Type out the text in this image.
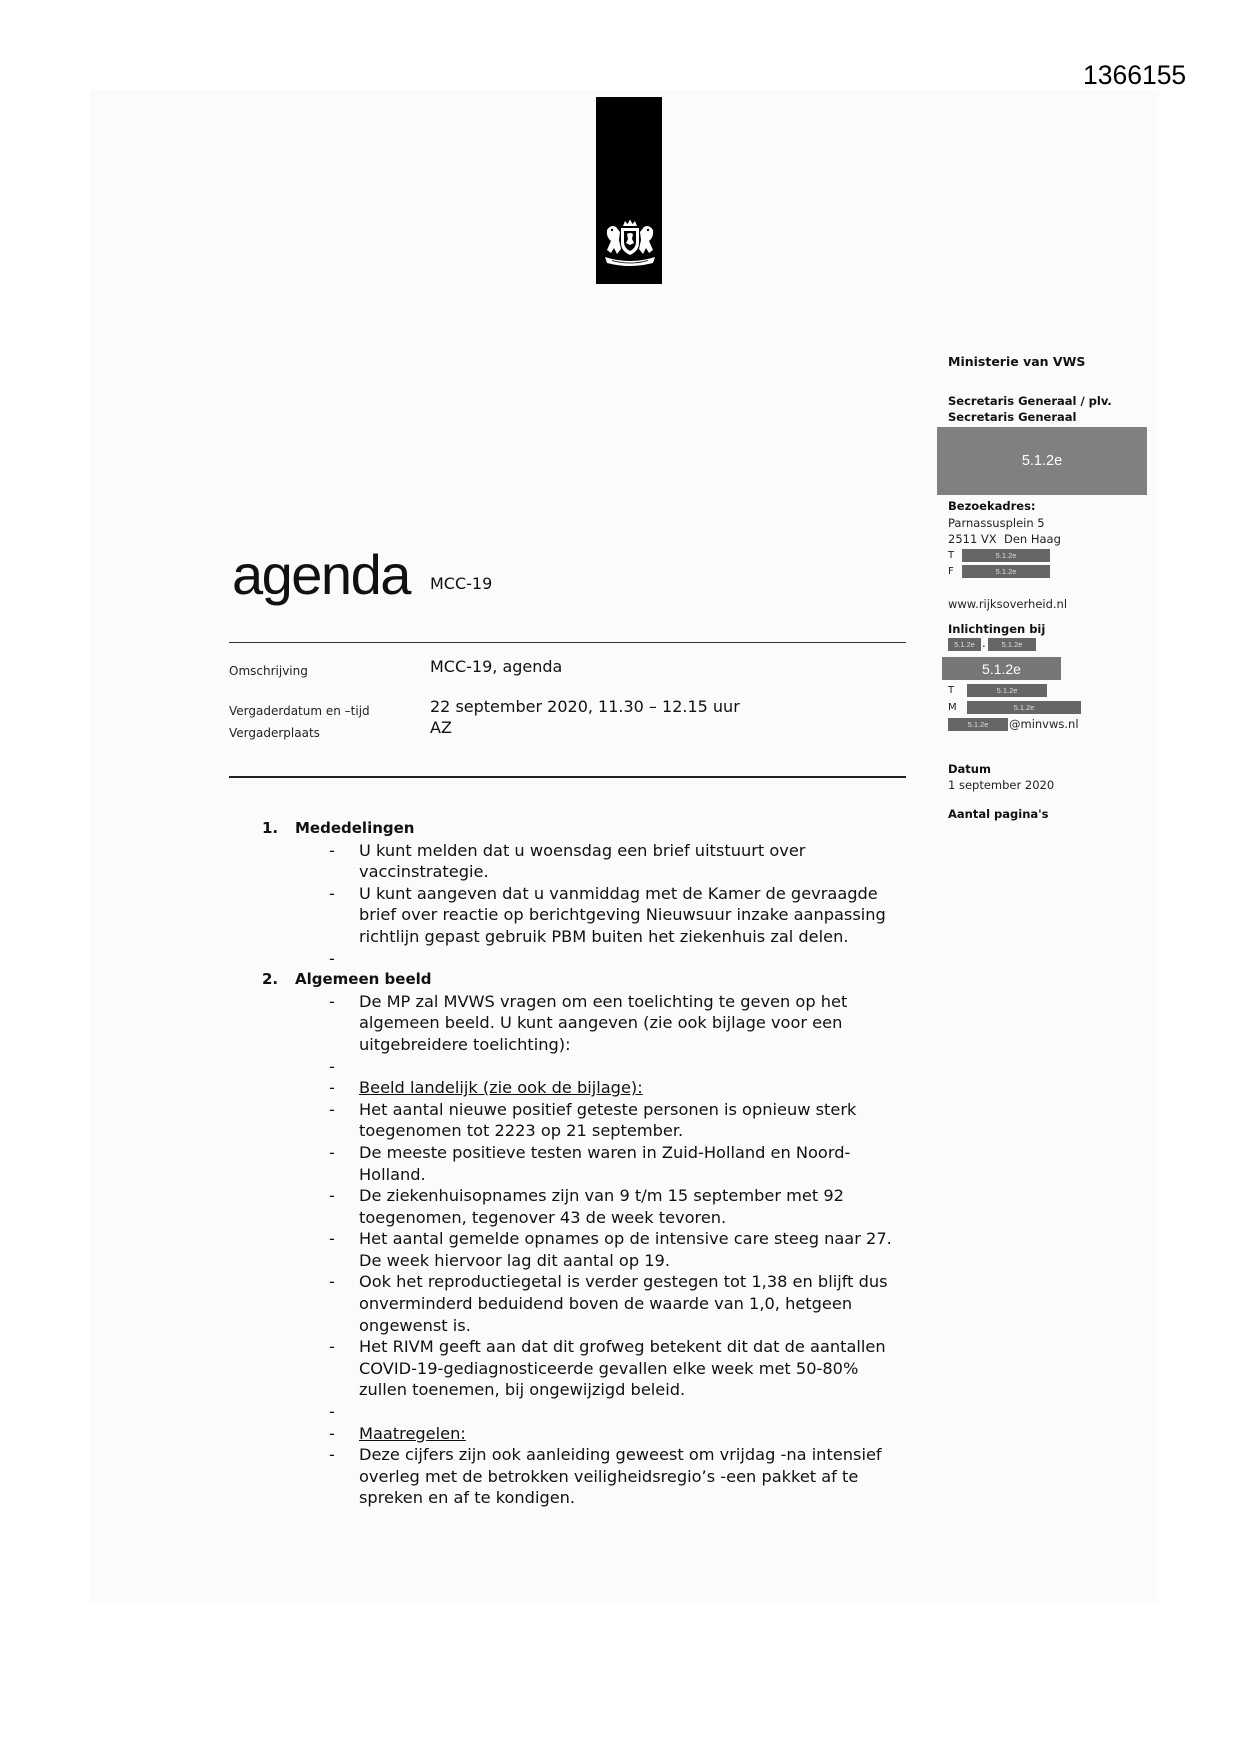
1366155
Ministerie van VWS
Secretaris Generaal / plv.
Secretaris Generaal
5.1.2e
Bezoekadres:
Parnassusplein 5
2511 VX  Den Haag
T	5.1.2e
F	5.1.2e
www.rijksoverheid.nl
Inlichtingen bij
5.1.2e .	5.1.2e
5.1.2e
T	5.1.2e
M	5.1.2e
5.1.2e	@minvws.nl
Datum
1 september 2020
Aantal pagina's
agenda MCC-19
Omschrijving	MCC-19, agenda
Vergaderdatum en –tijd	22 september 2020, 11.30 – 12.15 uur
Vergaderplaats	AZ
1. Mededelingen
- U kunt melden dat u woensdag een brief uitstuurt over
vaccinstrategie.
- U kunt aangeven dat u vanmiddag met de Kamer de gevraagde
brief over reactie op berichtgeving Nieuwsuur inzake aanpassing
richtlijn gepast gebruik PBM buiten het ziekenhuis zal delen.
-
2. Algemeen beeld
- De MP zal MVWS vragen om een toelichting te geven op het
algemeen beeld. U kunt aangeven (zie ook bijlage voor een
uitgebreidere toelichting):
-
- Beeld landelijk (zie ook de bijlage):
- Het aantal nieuwe positief geteste personen is opnieuw sterk
toegenomen tot 2223 op 21 september.
- De meeste positieve testen waren in Zuid-Holland en Noord-
Holland.
- De ziekenhuisopnames zijn van 9 t/m 15 september met 92
toegenomen, tegenover 43 de week tevoren.
- Het aantal gemelde opnames op de intensive care steeg naar 27.
De week hiervoor lag dit aantal op 19.
- Ook het reproductiegetal is verder gestegen tot 1,38 en blijft dus
onverminderd beduidend boven de waarde van 1,0, hetgeen
ongewenst is.
- Het RIVM geeft aan dat dit grofweg betekent dit dat de aantallen
COVID-19-gediagnosticeerde gevallen elke week met 50-80%
zullen toenemen, bij ongewijzigd beleid.
-
- Maatregelen:
- Deze cijfers zijn ook aanleiding geweest om vrijdag -na intensief
overleg met de betrokken veiligheidsregio’s -een pakket af te
spreken en af te kondigen.
